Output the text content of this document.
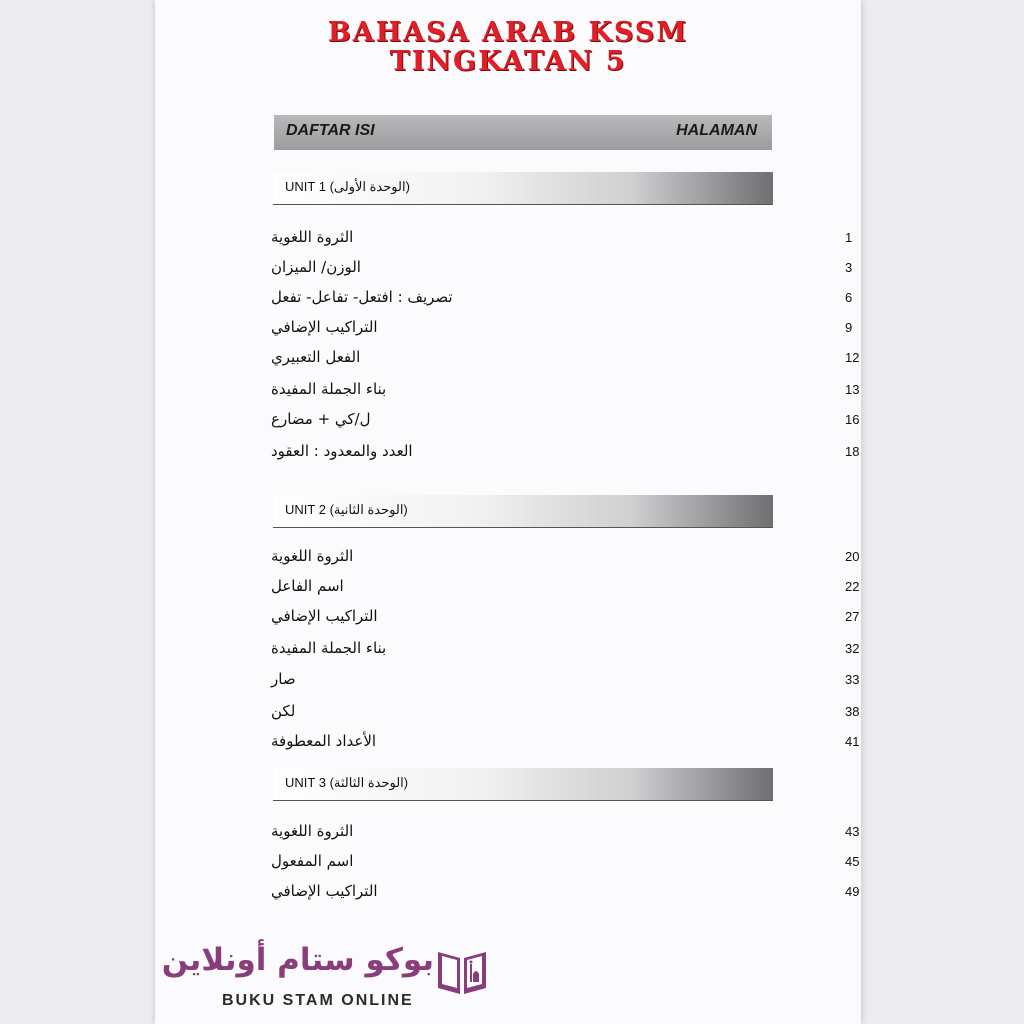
BAHASA ARAB KSSM
TINGKATAN 5
DAFTAR ISI	HALAMAN
UNIT 1 (الوحدة الأولى)
الثروة اللغوية	1
الوزن/ الميزان	3
تصريف : افتعل- تفاعل- تفعل	6
التراكيب الإضافي	9
الفعل التعبيري	12
بناء الجملة المفيدة	13
ل/كي + مضارع	16
العدد والمعدود : العقود	18
UNIT 2 (الوحدة الثانية)
الثروة اللغوية	20
اسم الفاعل	22
التراكيب الإضافي	27
بناء الجملة المفيدة	32
صار	33
لكن	38
الأعداد المعطوفة	41
UNIT 3 (الوحدة الثالثة)
الثروة اللغوية	43
اسم المفعول	45
التراكيب الإضافي	49
بوكو ستام أونلاين
BUKU STAM ONLINE
